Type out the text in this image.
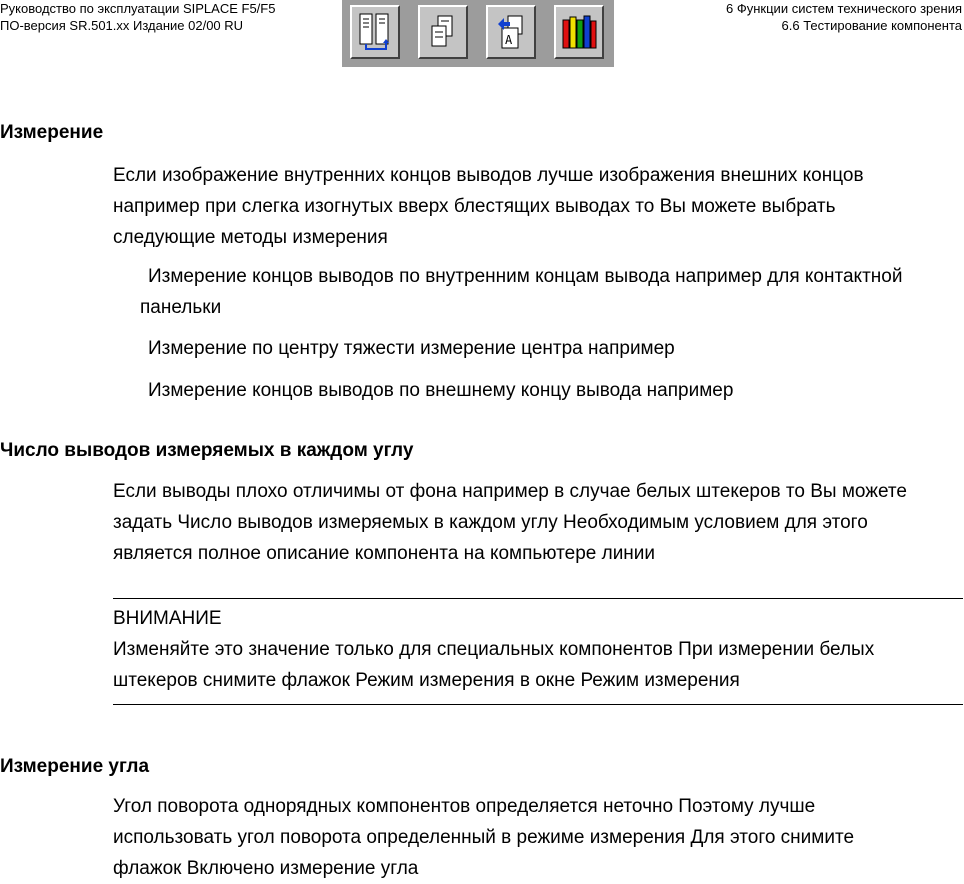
Руководство по эксплуатации SIPLACE F5/F5
ПО-версия SR.501.xx Издание 02/00 RU
6 Функции систем технического зрения
6.6 Тестирование компонента
A
Измерение
Если изображение внутренних концов выводов лучше изображения внешних концов
например при слегка изогнутых вверх блестящих выводах то Вы можете выбрать
следующие методы измерения
Измерение концов выводов по внутренним концам вывода например для контактной
панельки
Измерение по центру тяжести измерение центра например
Измерение концов выводов по внешнему концу вывода например
Число выводов измеряемых в каждом углу
Если выводы плохо отличимы от фона например в случае белых штекеров то Вы можете
задать Число выводов измеряемых в каждом углу Необходимым условием для этого
является полное описание компонента на компьютере линии
ВНИМАНИЕ
Изменяйте это значение только для специальных компонентов При измерении белых
штекеров снимите флажок Режим измерения в окне Режим измерения
Измерение угла
Угол поворота однорядных компонентов определяется неточно Поэтому лучше
использовать угол поворота определенный в режиме измерения Для этого снимите
флажок Включено измерение угла
